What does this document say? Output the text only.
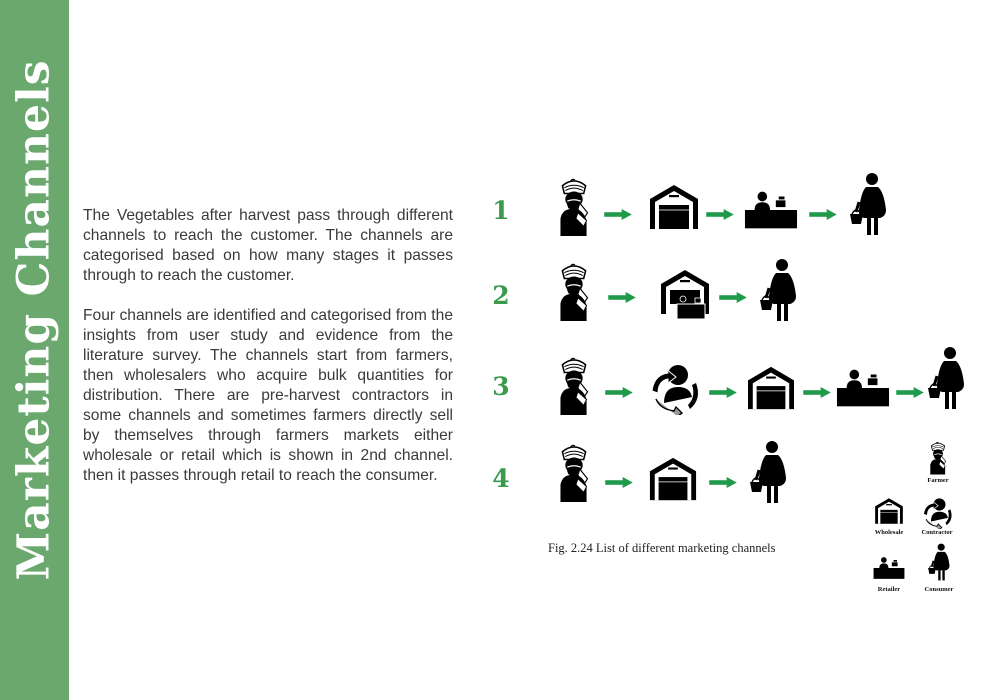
Marketing Channels The Vegetables after harvest pass through different channels to reach the customer. The channels are categorised based on how many stages it passes through to reach the customer.

Four channels are identified and categorised from the insights from user study and evidence from the literature survey. The channels start from farmers, then wholesalers who acquire bulk quantities for distribution. There are pre-harvest contractors in some channels and sometimes farmers directly sell by themselves through farmers markets either wholesale or retail which is shown in 2nd channel. then it passes through retail to reach the consumer.

1
2
3
4
Fig. 2.24 List of different marketing channels
Farmer
Wholesale	Contractor
Retailer	Consumer
